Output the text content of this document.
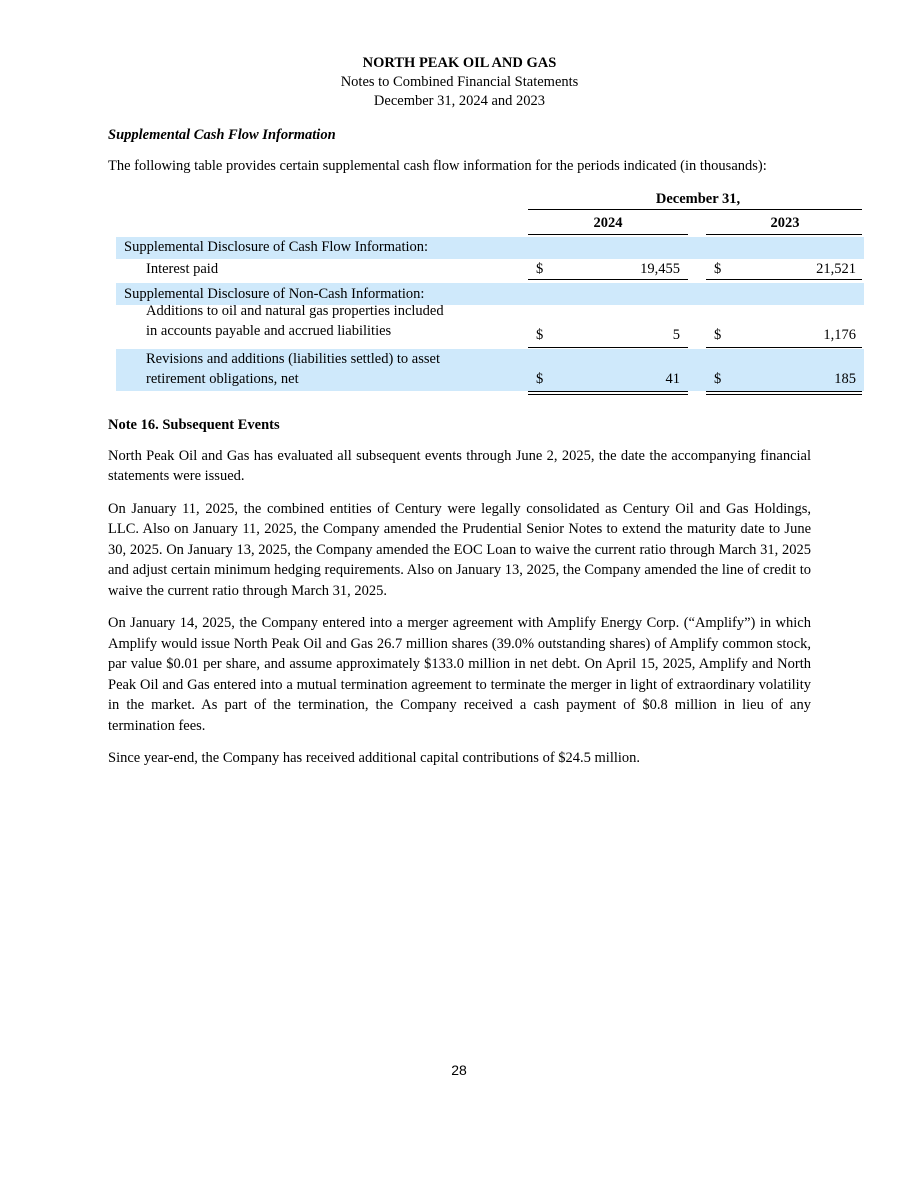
NORTH PEAK OIL AND GAS
Notes to Combined Financial Statements
December 31, 2024 and 2023
Supplemental Cash Flow Information

The following table provides certain supplemental cash flow information for the periods indicated (in thousands):

December 31,
2024	2023
Supplemental Disclosure of Cash Flow Information:
Interest paid	$	19,455 $	21,521
Supplemental Disclosure of Non-Cash Information:
Additions to oil and natural gas properties included
in accounts payable and accrued liabilities	$	5 $	1,176
Revisions and additions (liabilities settled) to asset
retirement obligations, net	$	41 $	185
Note 16. Subsequent Events

North Peak Oil and Gas has evaluated all subsequent events through June 2, 2025, the date the accompanying financial statements were issued.

On January 11, 2025, the combined entities of Century were legally consolidated as Century Oil and Gas Holdings, LLC. Also on January 11, 2025, the Company amended the Prudential Senior Notes to extend the maturity date to June 30, 2025. On January 13, 2025, the Company amended the EOC Loan to waive the current ratio through March 31, 2025 and adjust certain minimum hedging requirements. Also on January 13, 2025, the Company amended the line of credit to waive the current ratio through March 31, 2025.

On January 14, 2025, the Company entered into a merger agreement with Amplify Energy Corp. (“Amplify”) in which Amplify would issue North Peak Oil and Gas 26.7 million shares (39.0% outstanding shares) of Amplify common stock, par value $0.01 per share, and assume approximately $133.0 million in net debt. On April 15, 2025, Amplify and North Peak Oil and Gas entered into a mutual termination agreement to terminate the merger in light of extraordinary volatility in the market. As part of the termination, the Company received a cash payment of $0.8 million in lieu of any termination fees.

Since year-end, the Company has received additional capital contributions of $24.5 million.

28
